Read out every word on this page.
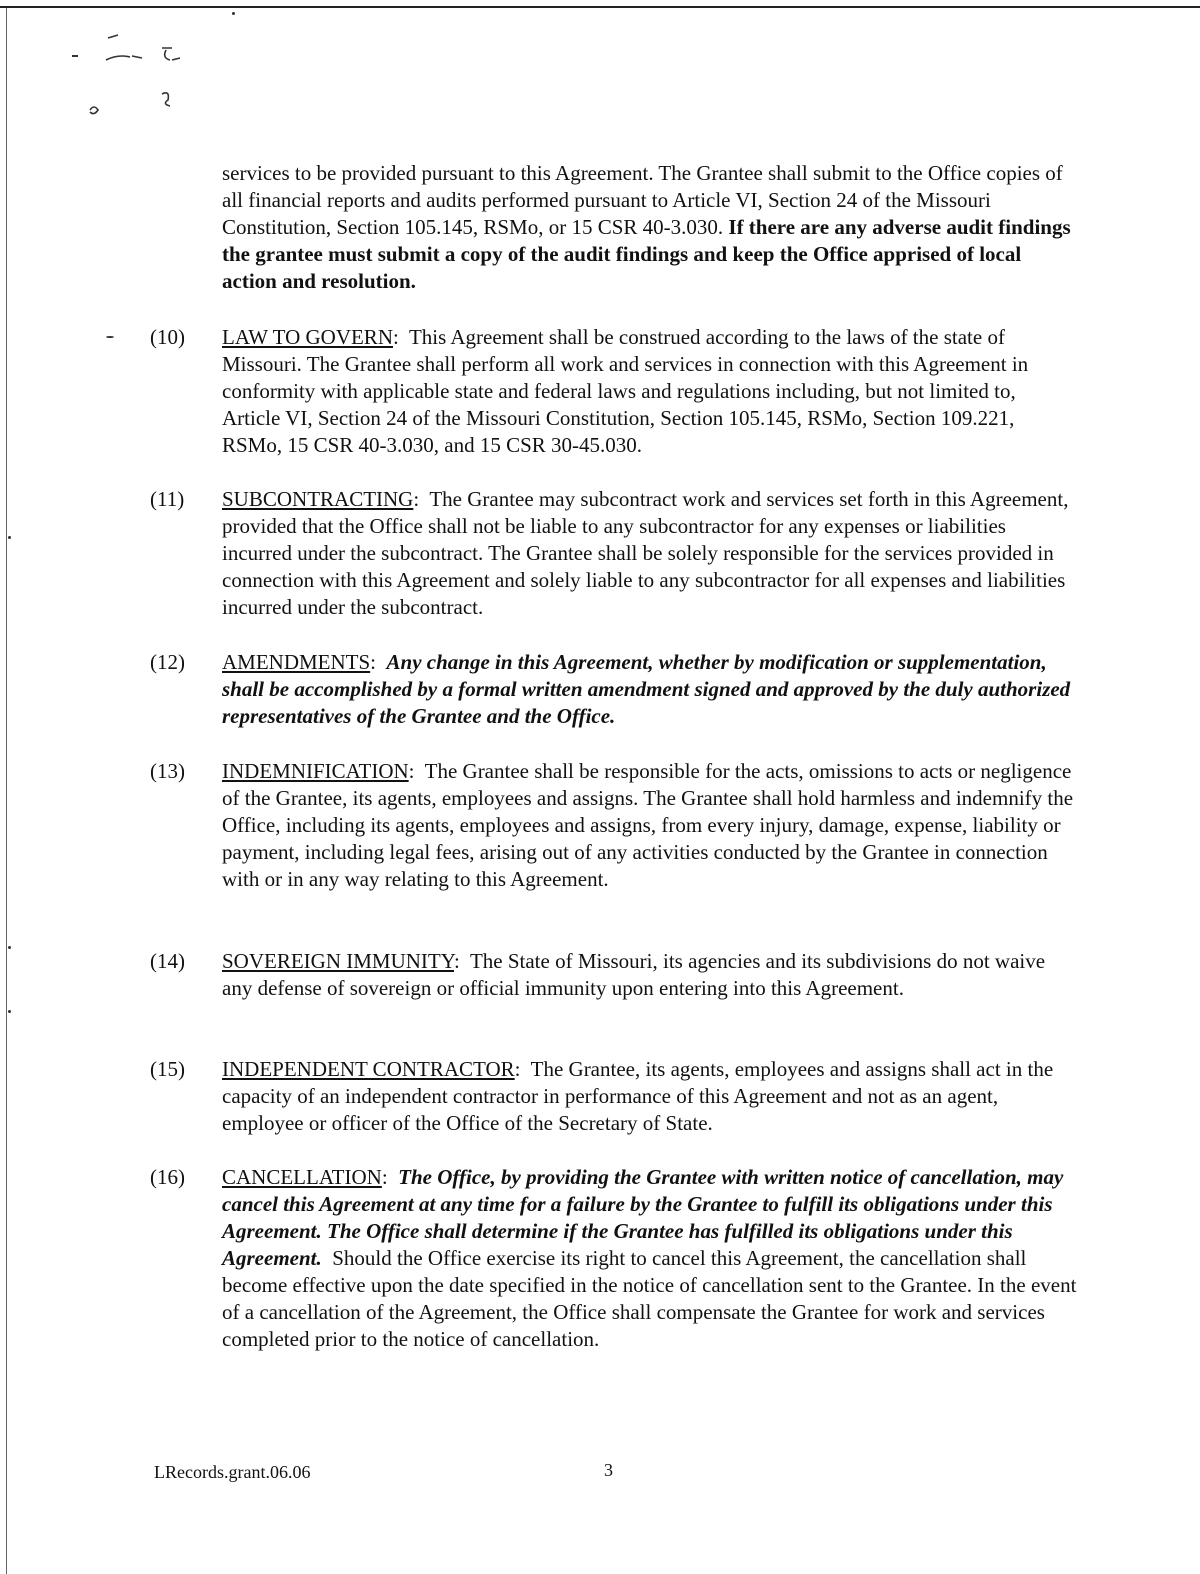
services to be provided pursuant to this Agreement. The Grantee shall submit to the Office copies of all financial reports and audits performed pursuant to Article VI, Section 24 of the Missouri Constitution, Section 105.145, RSMo, or 15 CSR 40-3.030. If there are any adverse audit findings the grantee must submit a copy of the audit findings and keep the Office apprised of local action and resolution.

(10)	LAW TO GOVERN:  This Agreement shall be construed according to the laws of the state of Missouri. The Grantee shall perform all work and services in connection with this Agreement in conformity with applicable state and federal laws and regulations including, but not limited to, Article VI, Section 24 of the Missouri Constitution, Section 105.145, RSMo, Section 109.221, RSMo, 15 CSR 40-3.030, and 15 CSR 30-45.030.

(11)	SUBCONTRACTING:  The Grantee may subcontract work and services set forth in this Agreement, provided that the Office shall not be liable to any subcontractor for any expenses or liabilities incurred under the subcontract. The Grantee shall be solely responsible for the services provided in connection with this Agreement and solely liable to any subcontractor for all expenses and liabilities incurred under the subcontract.

(12)	AMENDMENTS:  Any change in this Agreement, whether by modification or supplementation, shall be accomplished by a formal written amendment signed and approved by the duly authorized representatives of the Grantee and the Office.

(13)	INDEMNIFICATION:  The Grantee shall be responsible for the acts, omissions to acts or negligence of the Grantee, its agents, employees and assigns. The Grantee shall hold harmless and indemnify the Office, including its agents, employees and assigns, from every injury, damage, expense, liability or payment, including legal fees, arising out of any activities conducted by the Grantee in connection with or in any way relating to this Agreement.

(14)	SOVEREIGN IMMUNITY:  The State of Missouri, its agencies and its subdivisions do not waive any defense of sovereign or official immunity upon entering into this Agreement.

(15)	INDEPENDENT CONTRACTOR:  The Grantee, its agents, employees and assigns shall act in the capacity of an independent contractor in performance of this Agreement and not as an agent, employee or officer of the Office of the Secretary of State.

(16)	CANCELLATION:  The Office, by providing the Grantee with written notice of cancellation, may cancel this Agreement at any time for a failure by the Grantee to fulfill its obligations under this Agreement. The Office shall determine if the Grantee has fulfilled its obligations under this Agreement. Should the Office exercise its right to cancel this Agreement, the cancellation shall become effective upon the date specified in the notice of cancellation sent to the Grantee. In the event of a cancellation of the Agreement, the Office shall compensate the Grantee for work and services completed prior to the notice of cancellation.

LRecords.grant.06.06	3
